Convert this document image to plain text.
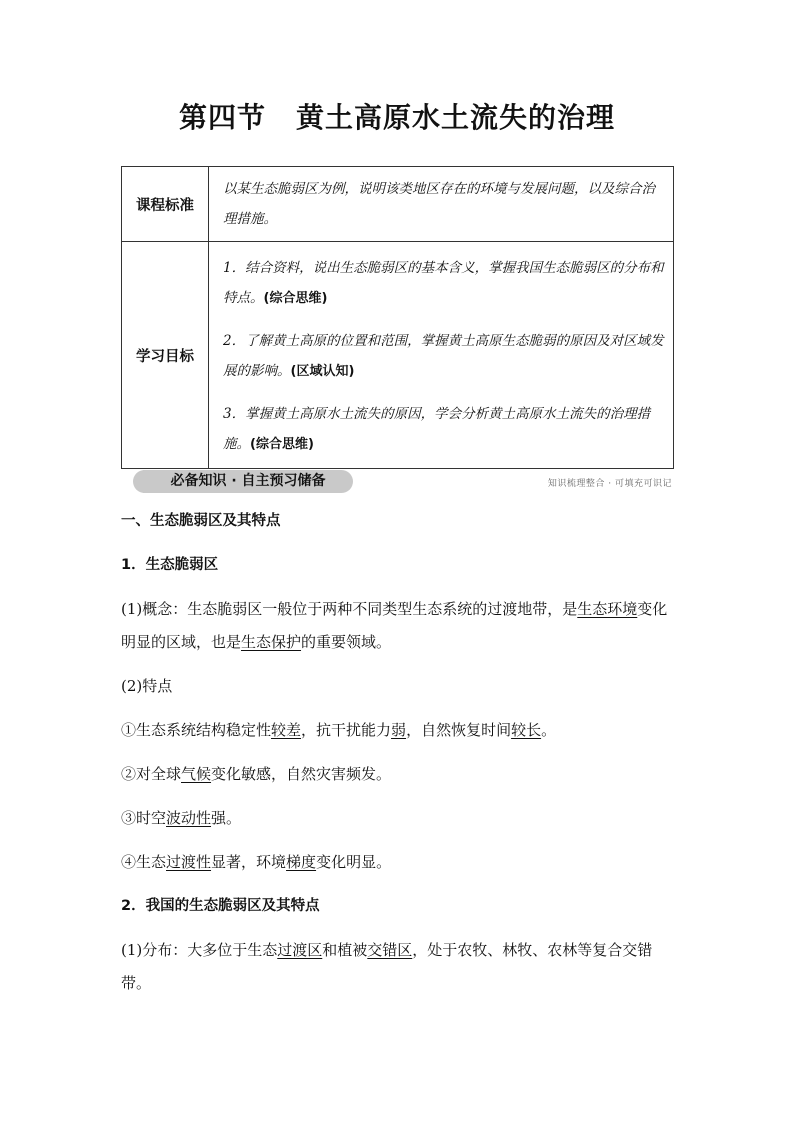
第四节 黄土高原水土流失的治理
课程标准	以某生态脆弱区为例，说明该类地区存在的环境与发展问题，以及综合治理措施。
学习目标	1．结合资料，说出生态脆弱区的基本含义，掌握我国生态脆弱区的分布和特点。(综合思维)
2．了解黄土高原的位置和范围，掌握黄土高原生态脆弱的原因及对区域发展的影响。(区域认知)
3．掌握黄土高原水土流失的原因，学会分析黄土高原水土流失的治理措施。(综合思维)
必备知识 · 自主预习储备	知识梳理整合 · 可填充可识记

一、生态脆弱区及其特点

1．生态脆弱区

(1)概念：生态脆弱区一般位于两种不同类型生态系统的过渡地带，是生态环境变化明显的区域，也是生态保护的重要领域。

(2)特点

①生态系统结构稳定性较差，抗干扰能力弱，自然恢复时间较长。

②对全球气候变化敏感，自然灾害频发。

③时空波动性强。

④生态过渡性显著，环境梯度变化明显。

2．我国的生态脆弱区及其特点

(1)分布：大多位于生态过渡区和植被交错区，处于农牧、林牧、农林等复合交错带。
